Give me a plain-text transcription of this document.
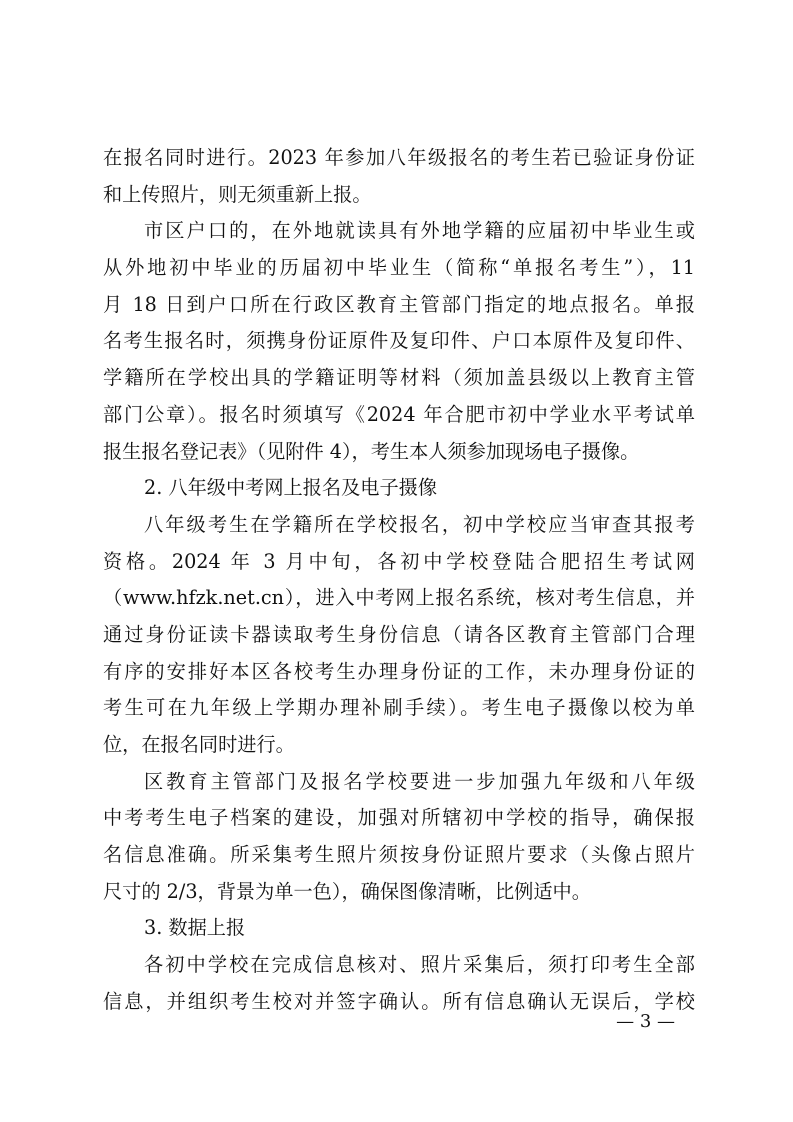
在报名同时进行。2023 年参加八年级报名的考生若已验证身份证
和上传照片，则无须重新上报。
市区户口的，在外地就读具有外地学籍的应届初中毕业生或
从外地初中毕业的历届初中毕业生（简称“单报名考生”），11
月 18 日到户口所在行政区教育主管部门指定的地点报名。单报
名考生报名时，须携身份证原件及复印件、户口本原件及复印件、
学籍所在学校出具的学籍证明等材料（须加盖县级以上教育主管
部门公章）。报名时须填写《2024 年合肥市初中学业水平考试单
报生报名登记表》（见附件 4），考生本人须参加现场电子摄像。
2. 八年级中考网上报名及电子摄像
八年级考生在学籍所在学校报名，初中学校应当审查其报考
资格。2024 年 3 月中旬，各初中学校登陆合肥招生考试网
（www.hfzk.net.cn），进入中考网上报名系统，核对考生信息，并
通过身份证读卡器读取考生身份信息（请各区教育主管部门合理
有序的安排好本区各校考生办理身份证的工作，未办理身份证的
考生可在九年级上学期办理补刷手续）。考生电子摄像以校为单
位，在报名同时进行。
区教育主管部门及报名学校要进一步加强九年级和八年级
中考考生电子档案的建设，加强对所辖初中学校的指导，确保报
名信息准确。所采集考生照片须按身份证照片要求（头像占照片
尺寸的 2/3，背景为单一色），确保图像清晰，比例适中。
3. 数据上报
各初中学校在完成信息核对、照片采集后，须打印考生全部
信息，并组织考生校对并签字确认。所有信息确认无误后，学校
— 3 —
